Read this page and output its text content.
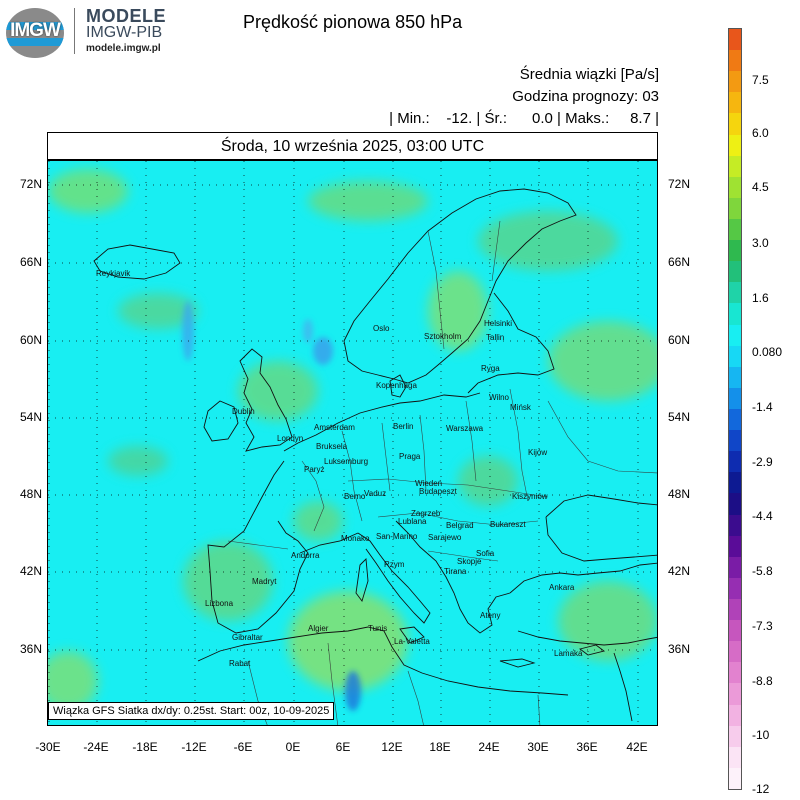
IMGW
MODELE
IMGW-PIB
modele.imgw.pl
Prędkość pionowa 850 hPa
Średnia wiązki [Pa/s]
Godzina prognozy: 03
| Min.:    -12. | Śr.:      0.0 | Maks.:     8.7 |
Środa, 10 września 2025, 03:00 UTC
Reykjavik
Oslo
Sztokholm
Helsinki
Tallin
Ryga
Kopenhaga
Wilno
Mińsk
Dublin
Amsterdam
Londyn
Bruksela
Berlin	Warszawa
Luksemburg
Paryż
Praga	Kijów
Wiedeń
Vaduz
Berno
Budapeszt
Kiszyniów
Zagrzeb
Lublana Belgrad Bukareszt
Monako San-Marino Sarajewo
Andorra	Sofia
Rzym	Skopje
Tirana
Madryt
Ankara
Lizbona
Ateny
Algier	Tunis
La-Valetta
Gibraltar
Lamaka
Rabat
Wiązka GFS Siatka dx/dy: 0.25st. Start: 00z, 10-09-2025
72N
66N
60N
54N
48N
42N
36N
72N
66N
60N
54N
48N
42N
36N
-30E	-24E	-18E	-12E	-6E	0E	6E	12E	18E	24E	30E	36E	42E
7.5
6.0
4.5
3.0
1.6
0.080
-1.4
-2.9
-4.4
-5.8
-7.3
-8.8
-10
-12
